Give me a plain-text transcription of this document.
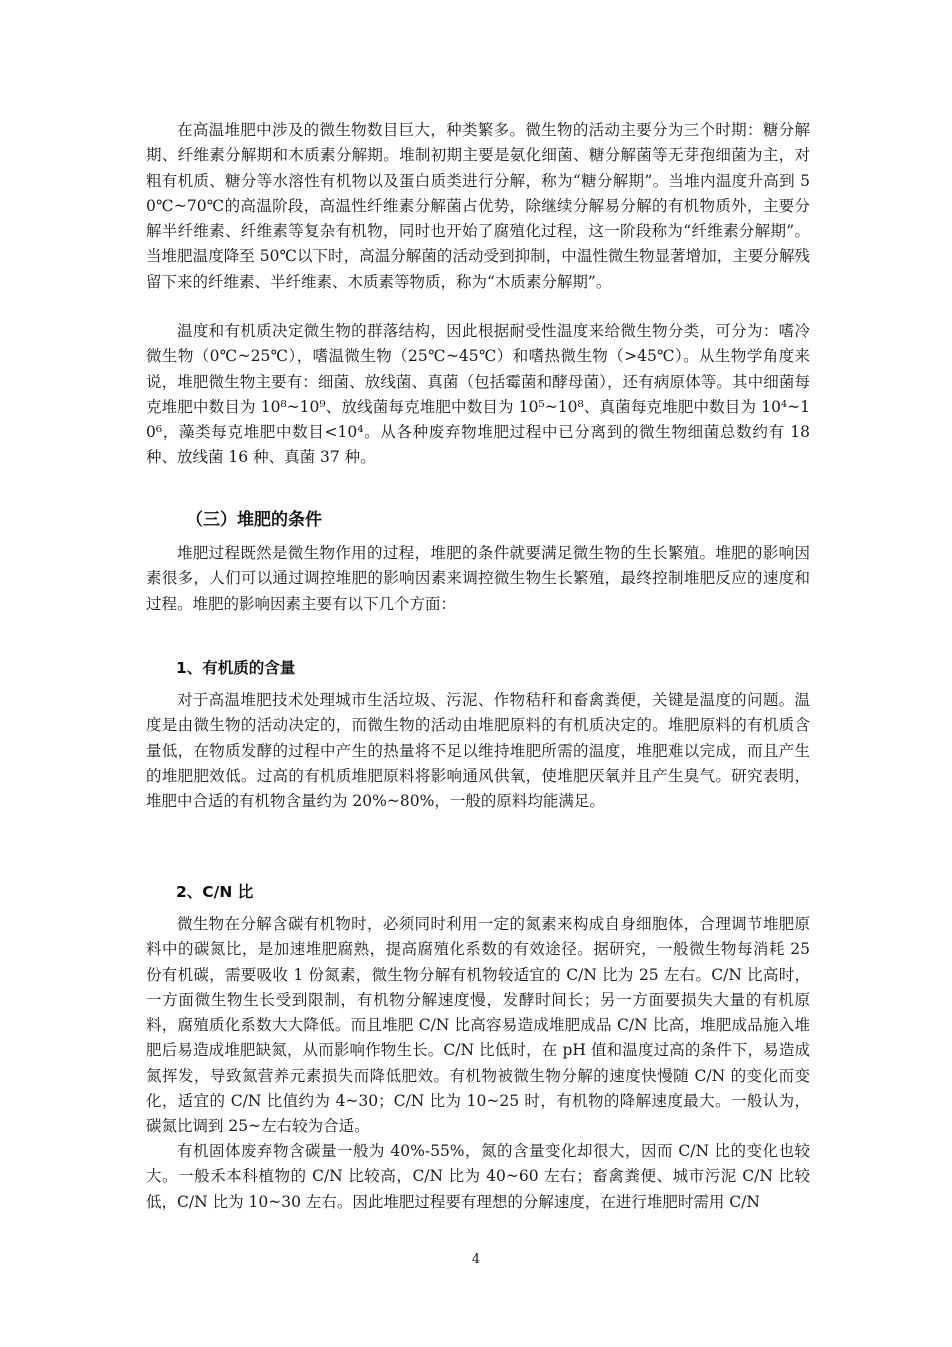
在高温堆肥中涉及的微生物数目巨大，种类繁多。微生物的活动主要分为三个时期：糖分解期、纤维素分解期和木质素分解期。堆制初期主要是氨化细菌、糖分解菌等无芽孢细菌为主，对粗有机质、糖分等水溶性有机物以及蛋白质类进行分解，称为“糖分解期”。当堆内温度升高到 50℃~70℃的高温阶段，高温性纤维素分解菌占优势，除继续分解易分解的有机物质外，主要分解半纤维素、纤维素等复杂有机物，同时也开始了腐殖化过程，这一阶段称为“纤维素分解期”。当堆肥温度降至 50℃以下时，高温分解菌的活动受到抑制，中温性微生物显著增加，主要分解残留下来的纤维素、半纤维素、木质素等物质，称为“木质素分解期”。

温度和有机质决定微生物的群落结构，因此根据耐受性温度来给微生物分类，可分为：嗜冷微生物（0℃~25℃），嗜温微生物（25℃~45℃）和嗜热微生物（>45℃）。从生物学角度来说，堆肥微生物主要有：细菌、放线菌、真菌（包括霉菌和酵母菌），还有病原体等。其中细菌每克堆肥中数目为 10⁸~10⁹、放线菌每克堆肥中数目为 10⁵~10⁸、真菌每克堆肥中数目为 10⁴~10⁶，藻类每克堆肥中数目<10⁴。从各种废弃物堆肥过程中已分离到的微生物细菌总数约有 18 种、放线菌 16 种、真菌 37 种。

（三）堆肥的条件

堆肥过程既然是微生物作用的过程，堆肥的条件就要满足微生物的生长繁殖。堆肥的影响因素很多，人们可以通过调控堆肥的影响因素来调控微生物生长繁殖，最终控制堆肥反应的速度和过程。堆肥的影响因素主要有以下几个方面：

1、有机质的含量

对于高温堆肥技术处理城市生活垃圾、污泥、作物秸秆和畜禽粪便，关键是温度的问题。温度是由微生物的活动决定的，而微生物的活动由堆肥原料的有机质决定的。堆肥原料的有机质含量低，在物质发酵的过程中产生的热量将不足以维持堆肥所需的温度，堆肥难以完成，而且产生的堆肥肥效低。过高的有机质堆肥原料将影响通风供氧，使堆肥厌氧并且产生臭气。研究表明，堆肥中合适的有机物含量约为 20%~80%，一般的原料均能满足。

2、C/N 比

微生物在分解含碳有机物时，必须同时利用一定的氮素来构成自身细胞体，合理调节堆肥原料中的碳氮比，是加速堆肥腐熟，提高腐殖化系数的有效途径。据研究，一般微生物每消耗 25 份有机碳，需要吸收 1 份氮素，微生物分解有机物较适宜的 C/N 比为 25 左右。C/N 比高时，一方面微生物生长受到限制，有机物分解速度慢，发酵时间长；另一方面要损失大量的有机原料，腐殖质化系数大大降低。而且堆肥 C/N 比高容易造成堆肥成品 C/N 比高，堆肥成品施入堆肥后易造成堆肥缺氮，从而影响作物生长。C/N 比低时，在 pH 值和温度过高的条件下，易造成氮挥发，导致氮营养元素损失而降低肥效。有机物被微生物分解的速度快慢随 C/N 的变化而变化，适宜的 C/N 比值约为 4~30；C/N 比为 10~25 时，有机物的降解速度最大。一般认为，碳氮比调到 25~左右较为合适。

有机固体废弃物含碳量一般为 40%-55%，氮的含量变化却很大，因而 C/N 比的变化也较大。一般禾本科植物的 C/N 比较高，C/N 比为 40~60 左右；畜禽粪便、城市污泥 C/N 比较低，C/N 比为 10~30 左右。因此堆肥过程要有理想的分解速度，在进行堆肥时需用 C/N

4
